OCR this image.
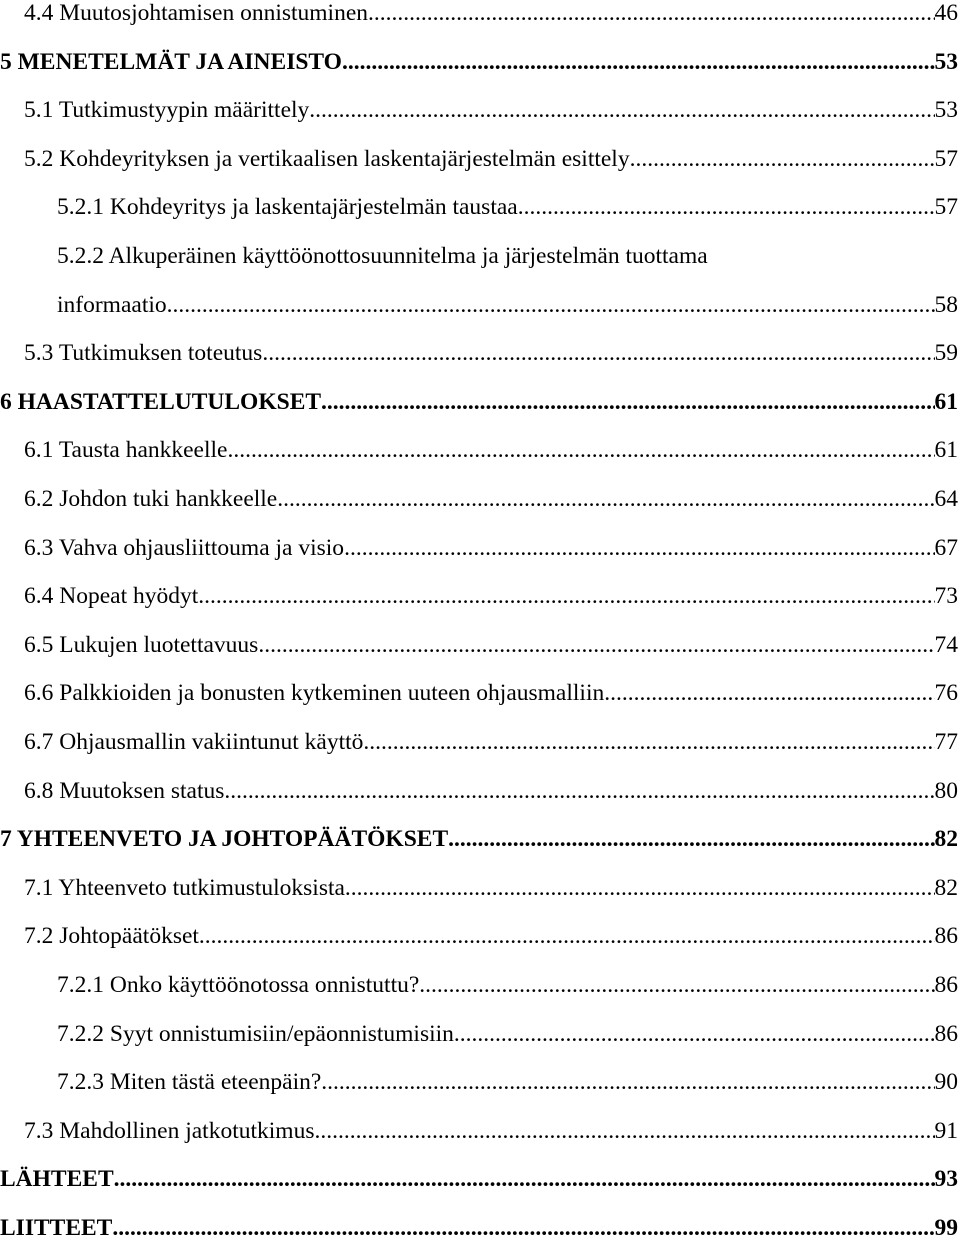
4.4 Muutosjohtamisen onnistuminen .....	46
5 MENETELMÄT JA AINEISTO .....	53
5.1 Tutkimustyypin määrittely .....	53
5.2 Kohdeyrityksen ja vertikaalisen laskentajärjestelmän esittely .....	57
5.2.1 Kohdeyritys ja laskentajärjestelmän taustaa .....	57
5.2.2 Alkuperäinen käyttöönottosuunnitelma ja järjestelmän tuottama
informaatio .....	58
5.3 Tutkimuksen toteutus .....	59
6 HAASTATTELUTULOKSET .....	61
6.1 Tausta hankkeelle .....	61
6.2 Johdon tuki hankkeelle .....	64
6.3 Vahva ohjausliittouma ja visio .....	67
6.4 Nopeat hyödyt .....	73
6.5 Lukujen luotettavuus .....	74
6.6 Palkkioiden ja bonusten kytkeminen uuteen ohjausmalliin .....	76
6.7 Ohjausmallin vakiintunut käyttö .....	77
6.8 Muutoksen status .....	80
7 YHTEENVETO JA JOHTOPÄÄTÖKSET .....	82
7.1 Yhteenveto tutkimustuloksista .....	82
7.2 Johtopäätökset .....	86
7.2.1 Onko käyttöönotossa onnistuttu? .....	86
7.2.2 Syyt onnistumisiin/epäonnistumisiin .....	86
7.2.3 Miten tästä eteenpäin? .....	90
7.3 Mahdollinen jatkotutkimus .....	91
LÄHTEET .....	93
LIITTEET .....	99
